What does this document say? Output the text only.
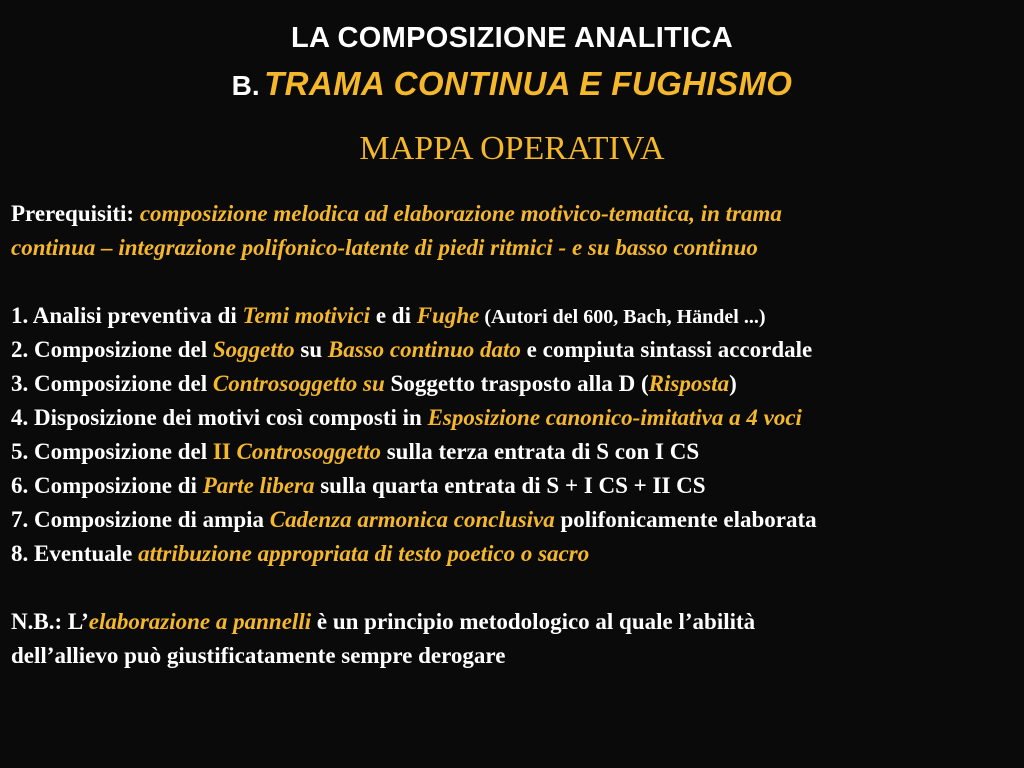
LA COMPOSIZIONE ANALITICA
B. TRAMA CONTINUA E FUGHISMO
MAPPA OPERATIVA
Prerequisiti: composizione melodica ad elaborazione motivico-tematica, in trama
continua – integrazione polifonico-latente di piedi ritmici - e su basso continuo
1. Analisi preventiva di Temi motivici e di Fughe (Autori del 600, Bach, Händel ...)
2. Composizione del Soggetto su Basso continuo dato e compiuta sintassi accordale
3. Composizione del Controsoggetto su Soggetto trasposto alla D (Risposta)
4. Disposizione dei motivi così composti in Esposizione canonico-imitativa a 4 voci
5. Composizione del II Controsoggetto sulla terza entrata di S con I CS
6. Composizione di Parte libera sulla quarta entrata di S + I CS + II CS
7. Composizione di ampia Cadenza armonica conclusiva polifonicamente elaborata
8. Eventuale attribuzione appropriata di testo poetico o sacro
N.B.: L’elaborazione a pannelli è un principio metodologico al quale l’abilità
dell’allievo può giustificatamente sempre derogare
